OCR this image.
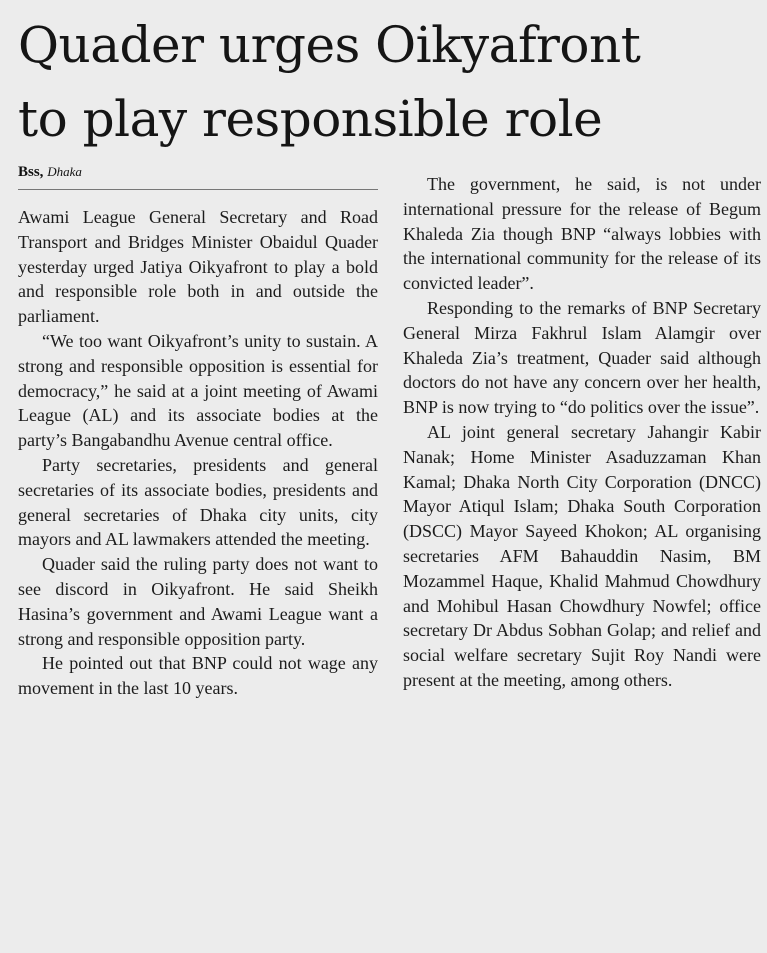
Quader urges Oikyafront
to play responsible role
Bss, Dhaka

Awami League General Secretary and Road Transport and Bridges Minister Obaidul Quader yesterday urged Jatiya Oikyafront to play a bold and responsible role both in and outside the parliament.

“We too want Oikyafront’s unity to sustain. A strong and responsible opposition is essential for democracy,” he said at a joint meeting of Awami League (AL) and its associate bodies at the party’s Bangabandhu Avenue central office.

Party secretaries, presidents and general secretaries of its associate bodies, presidents and general secretaries of Dhaka city units, city mayors and AL lawmakers attended the meeting.

Quader said the ruling party does not want to see discord in Oikyafront. He said Sheikh Hasina’s government and Awami League want a strong and responsible opposition party.

He pointed out that BNP could not wage any movement in the last 10 years.

The government, he said, is not under international pressure for the release of Begum Khaleda Zia though BNP “always lobbies with the international community for the release of its convicted leader”.

Responding to the remarks of BNP Secretary General Mirza Fakhrul Islam Alamgir over Khaleda Zia’s treatment, Quader said although doctors do not have any concern over her health, BNP is now trying to “do politics over the issue”.

AL joint general secretary Jahangir Kabir Nanak; Home Minister Asaduzzaman Khan Kamal; Dhaka North City Corporation (DNCC) Mayor Atiqul Islam; Dhaka South Corporation (DSCC) Mayor Sayeed Khokon; AL organising secretaries AFM Bahauddin Nasim, BM Mozammel Haque, Khalid Mahmud Chowdhury and Mohibul Hasan Chowdhury Nowfel; office secretary Dr Abdus Sobhan Golap; and relief and social welfare secretary Sujit Roy Nandi were present at the meeting, among others.
